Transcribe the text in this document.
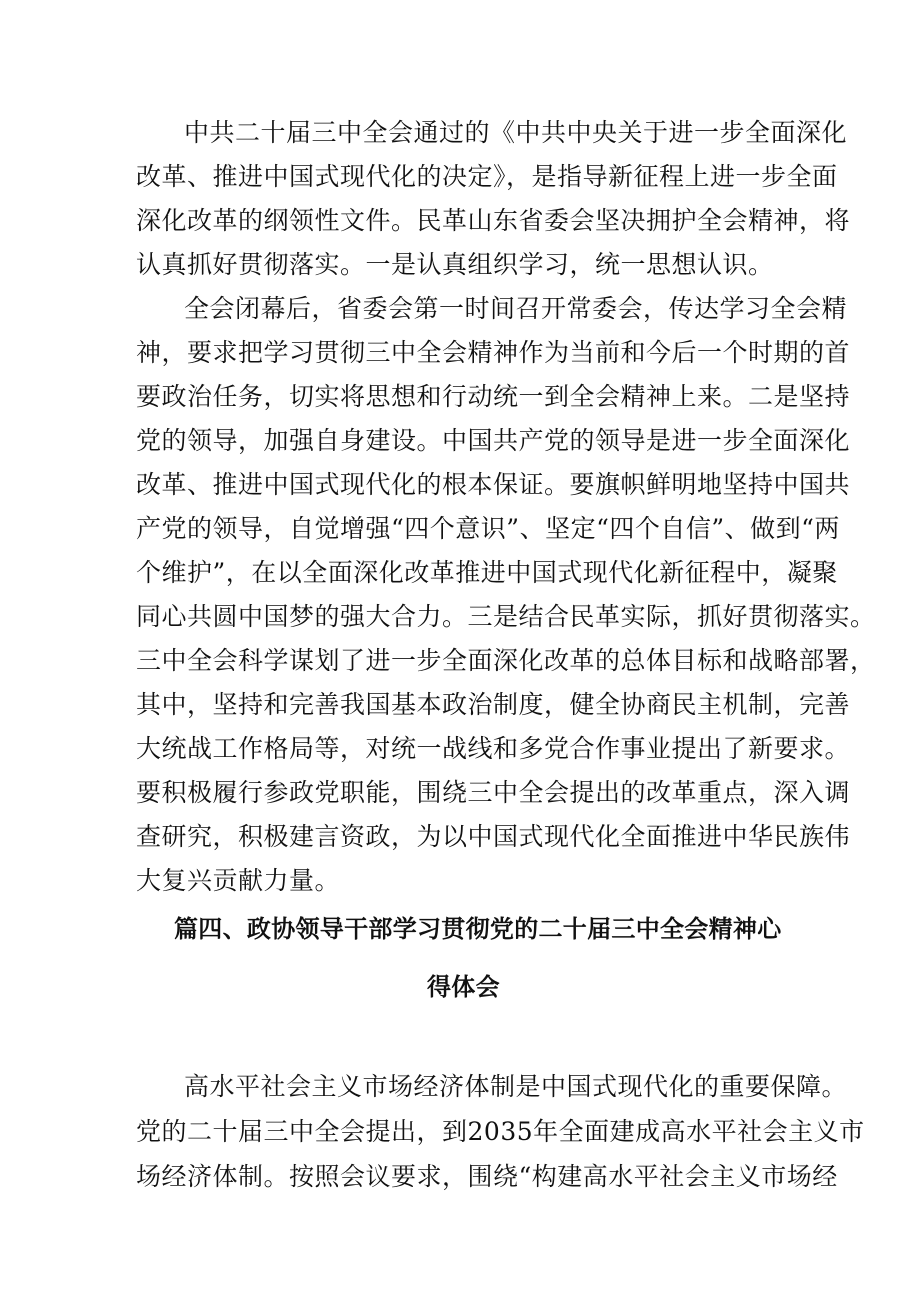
中共二十届三中全会通过的《中共中央关于进一步全面深化
改革、推进中国式现代化的决定》，是指导新征程上进一步全面
深化改革的纲领性文件。民革山东省委会坚决拥护全会精神，将
认真抓好贯彻落实。一是认真组织学习，统一思想认识。
全会闭幕后，省委会第一时间召开常委会，传达学习全会精
神，要求把学习贯彻三中全会精神作为当前和今后一个时期的首
要政治任务，切实将思想和行动统一到全会精神上来。二是坚持
党的领导，加强自身建设。中国共产党的领导是进一步全面深化
改革、推进中国式现代化的根本保证。要旗帜鲜明地坚持中国共
产党的领导，自觉增强“四个意识”、坚定“四个自信”、做到“两
个维护”，在以全面深化改革推进中国式现代化新征程中，凝聚
同心共圆中国梦的强大合力。三是结合民革实际，抓好贯彻落实。
三中全会科学谋划了进一步全面深化改革的总体目标和战略部署，
其中，坚持和完善我国基本政治制度，健全协商民主机制，完善
大统战工作格局等，对统一战线和多党合作事业提出了新要求。
要积极履行参政党职能，围绕三中全会提出的改革重点，深入调
查研究，积极建言资政，为以中国式现代化全面推进中华民族伟
大复兴贡献力量。
篇四、政协领导干部学习贯彻党的二十届三中全会精神心
得体会
高水平社会主义市场经济体制是中国式现代化的重要保障。
党的二十届三中全会提出，到2035年全面建成高水平社会主义市
场经济体制。按照会议要求，围绕“构建高水平社会主义市场经
